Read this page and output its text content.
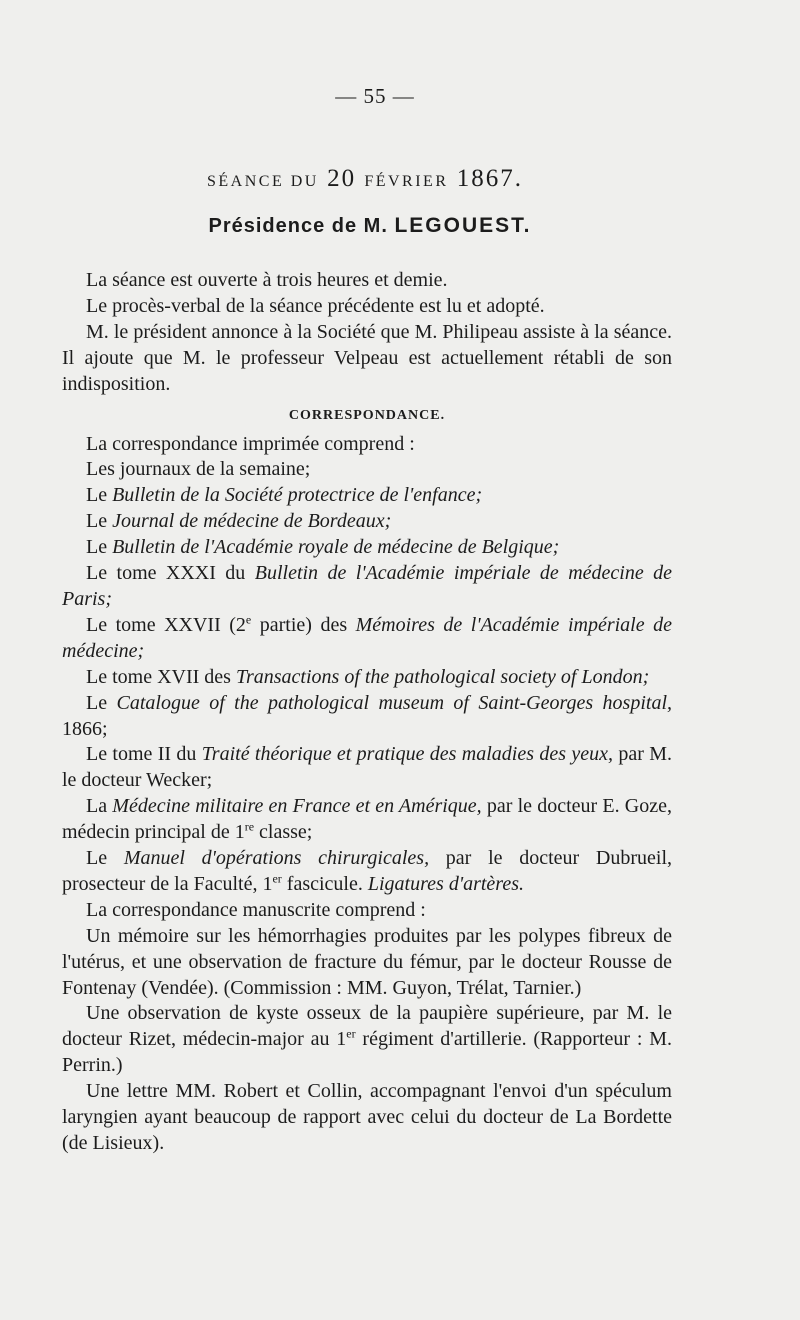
— 55 —
SÉANCE DU 20 FÉVRIER 1867.
Présidence de M. LEGOUEST.

La séance est ouverte à trois heures et demie.

Le procès-verbal de la séance précédente est lu et adopté.

M. le président annonce à la Société que M. Philipeau assiste à la séance. Il ajoute que M. le professeur Velpeau est actuellement rétabli de son indisposition.

CORRESPONDANCE.

La correspondance imprimée comprend :

Les journaux de la semaine;

Le Bulletin de la Société protectrice de l'enfance;

Le Journal de médecine de Bordeaux;

Le Bulletin de l'Académie royale de médecine de Belgique;

Le tome XXXI du Bulletin de l'Académie impériale de médecine de Paris;

Le tome XXVII (2e partie) des Mémoires de l'Académie impériale de médecine;

Le tome XVII des Transactions of the pathological society of London;

Le Catalogue of the pathological museum of Saint-Georges hospital, 1866;

Le tome II du Traité théorique et pratique des maladies des yeux, par M. le docteur Wecker;

La Médecine militaire en France et en Amérique, par le docteur E. Goze, médecin principal de 1re classe;

Le Manuel d'opérations chirurgicales, par le docteur Dubrueil, prosecteur de la Faculté, 1er fascicule. Ligatures d'artères.

La correspondance manuscrite comprend :

Un mémoire sur les hémorrhagies produites par les polypes fibreux de l'utérus, et une observation de fracture du fémur, par le docteur Rousse de Fontenay (Vendée). (Commission : MM. Guyon, Trélat, Tarnier.)

Une observation de kyste osseux de la paupière supérieure, par M. le docteur Rizet, médecin-major au 1er régiment d'artillerie. (Rapporteur : M. Perrin.)

Une lettre MM. Robert et Collin, accompagnant l'envoi d'un spéculum laryngien ayant beaucoup de rapport avec celui du docteur de La Bordette (de Lisieux).
